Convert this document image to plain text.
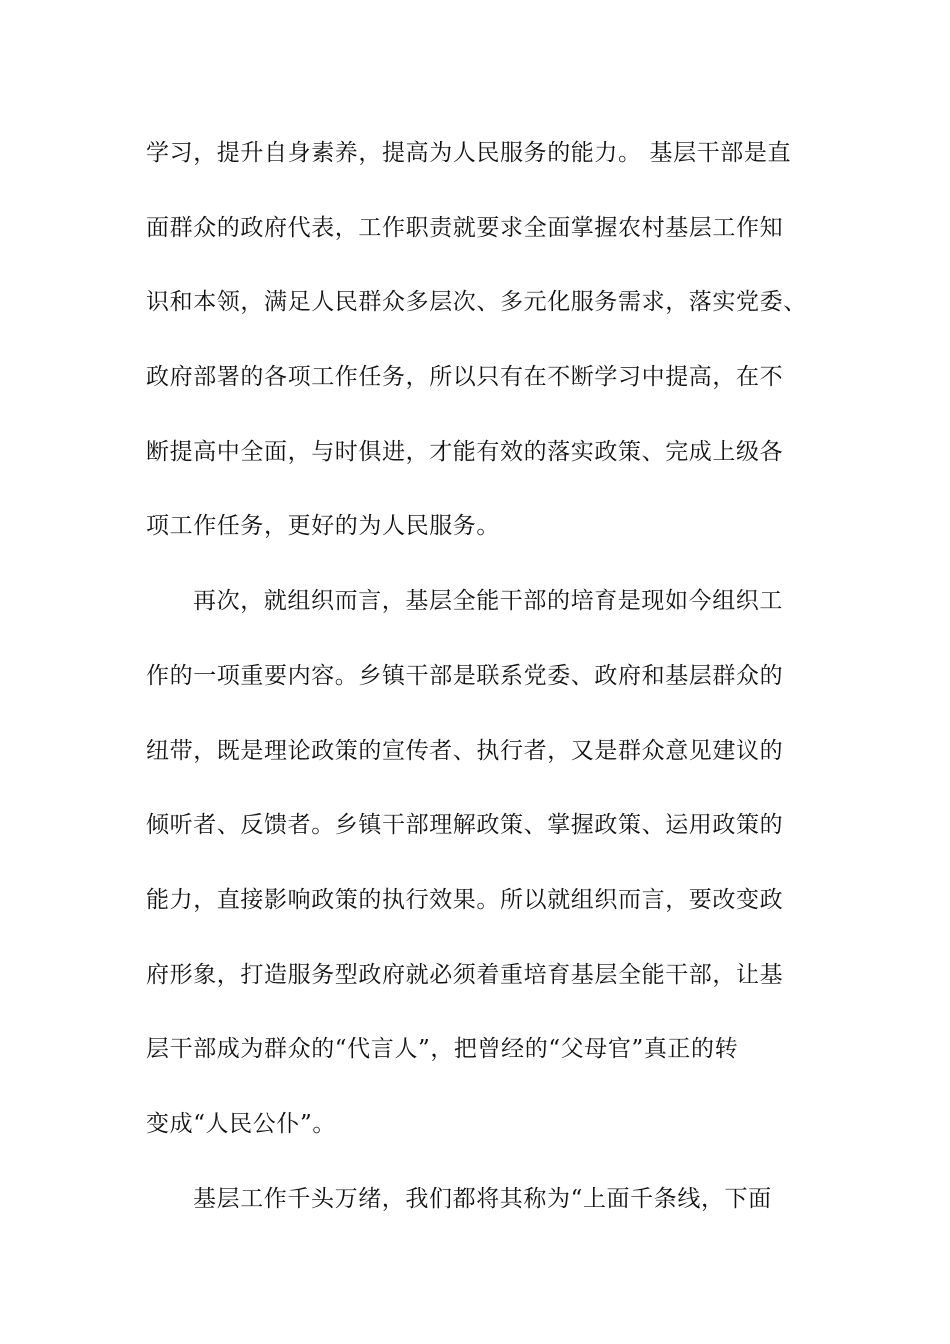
学习，提升自身素养，提高为人民服务的能力。 基层干部是直
面群众的政府代表，工作职责就要求全面掌握农村基层工作知
识和本领，满足人民群众多层次、多元化服务需求，落实党委、
政府部署的各项工作任务，所以只有在不断学习中提高，在不
断提高中全面，与时俱进，才能有效的落实政策、完成上级各
项工作任务，更好的为人民服务。
再次，就组织而言，基层全能干部的培育是现如今组织工
作的一项重要内容。乡镇干部是联系党委、政府和基层群众的
纽带，既是理论政策的宣传者、执行者，又是群众意见建议的
倾听者、反馈者。乡镇干部理解政策、掌握政策、运用政策的
能力，直接影响政策的执行效果。所以就组织而言，要改变政
府形象，打造服务型政府就必须着重培育基层全能干部，让基
层干部成为群众的“代言人”，把曾经的“父母官”真正的转
变成“人民公仆”。
基层工作千头万绪，我们都将其称为“上面千条线，下面
